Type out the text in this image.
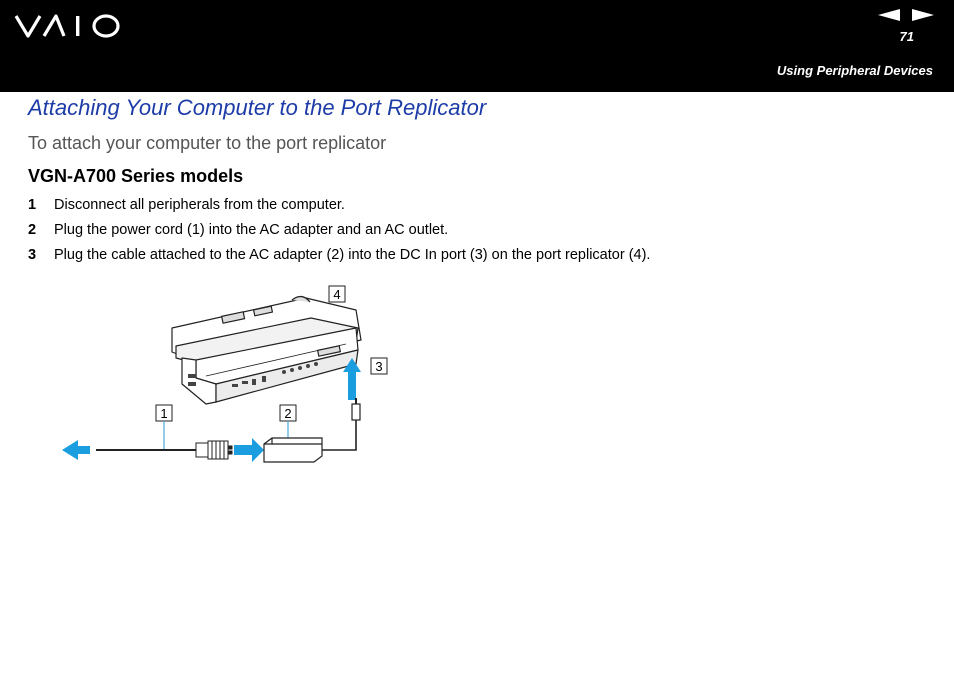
71
Using Peripheral Devices
Attaching Your Computer to the Port Replicator
To attach your computer to the port replicator
VGN-A700 Series models
1 Disconnect all peripherals from the computer.
2 Plug the power cord (1) into the AC adapter and an AC outlet.
3 Plug the cable attached to the AC adapter (2) into the DC In port (3) on the port replicator (4).
4
3
2
1
